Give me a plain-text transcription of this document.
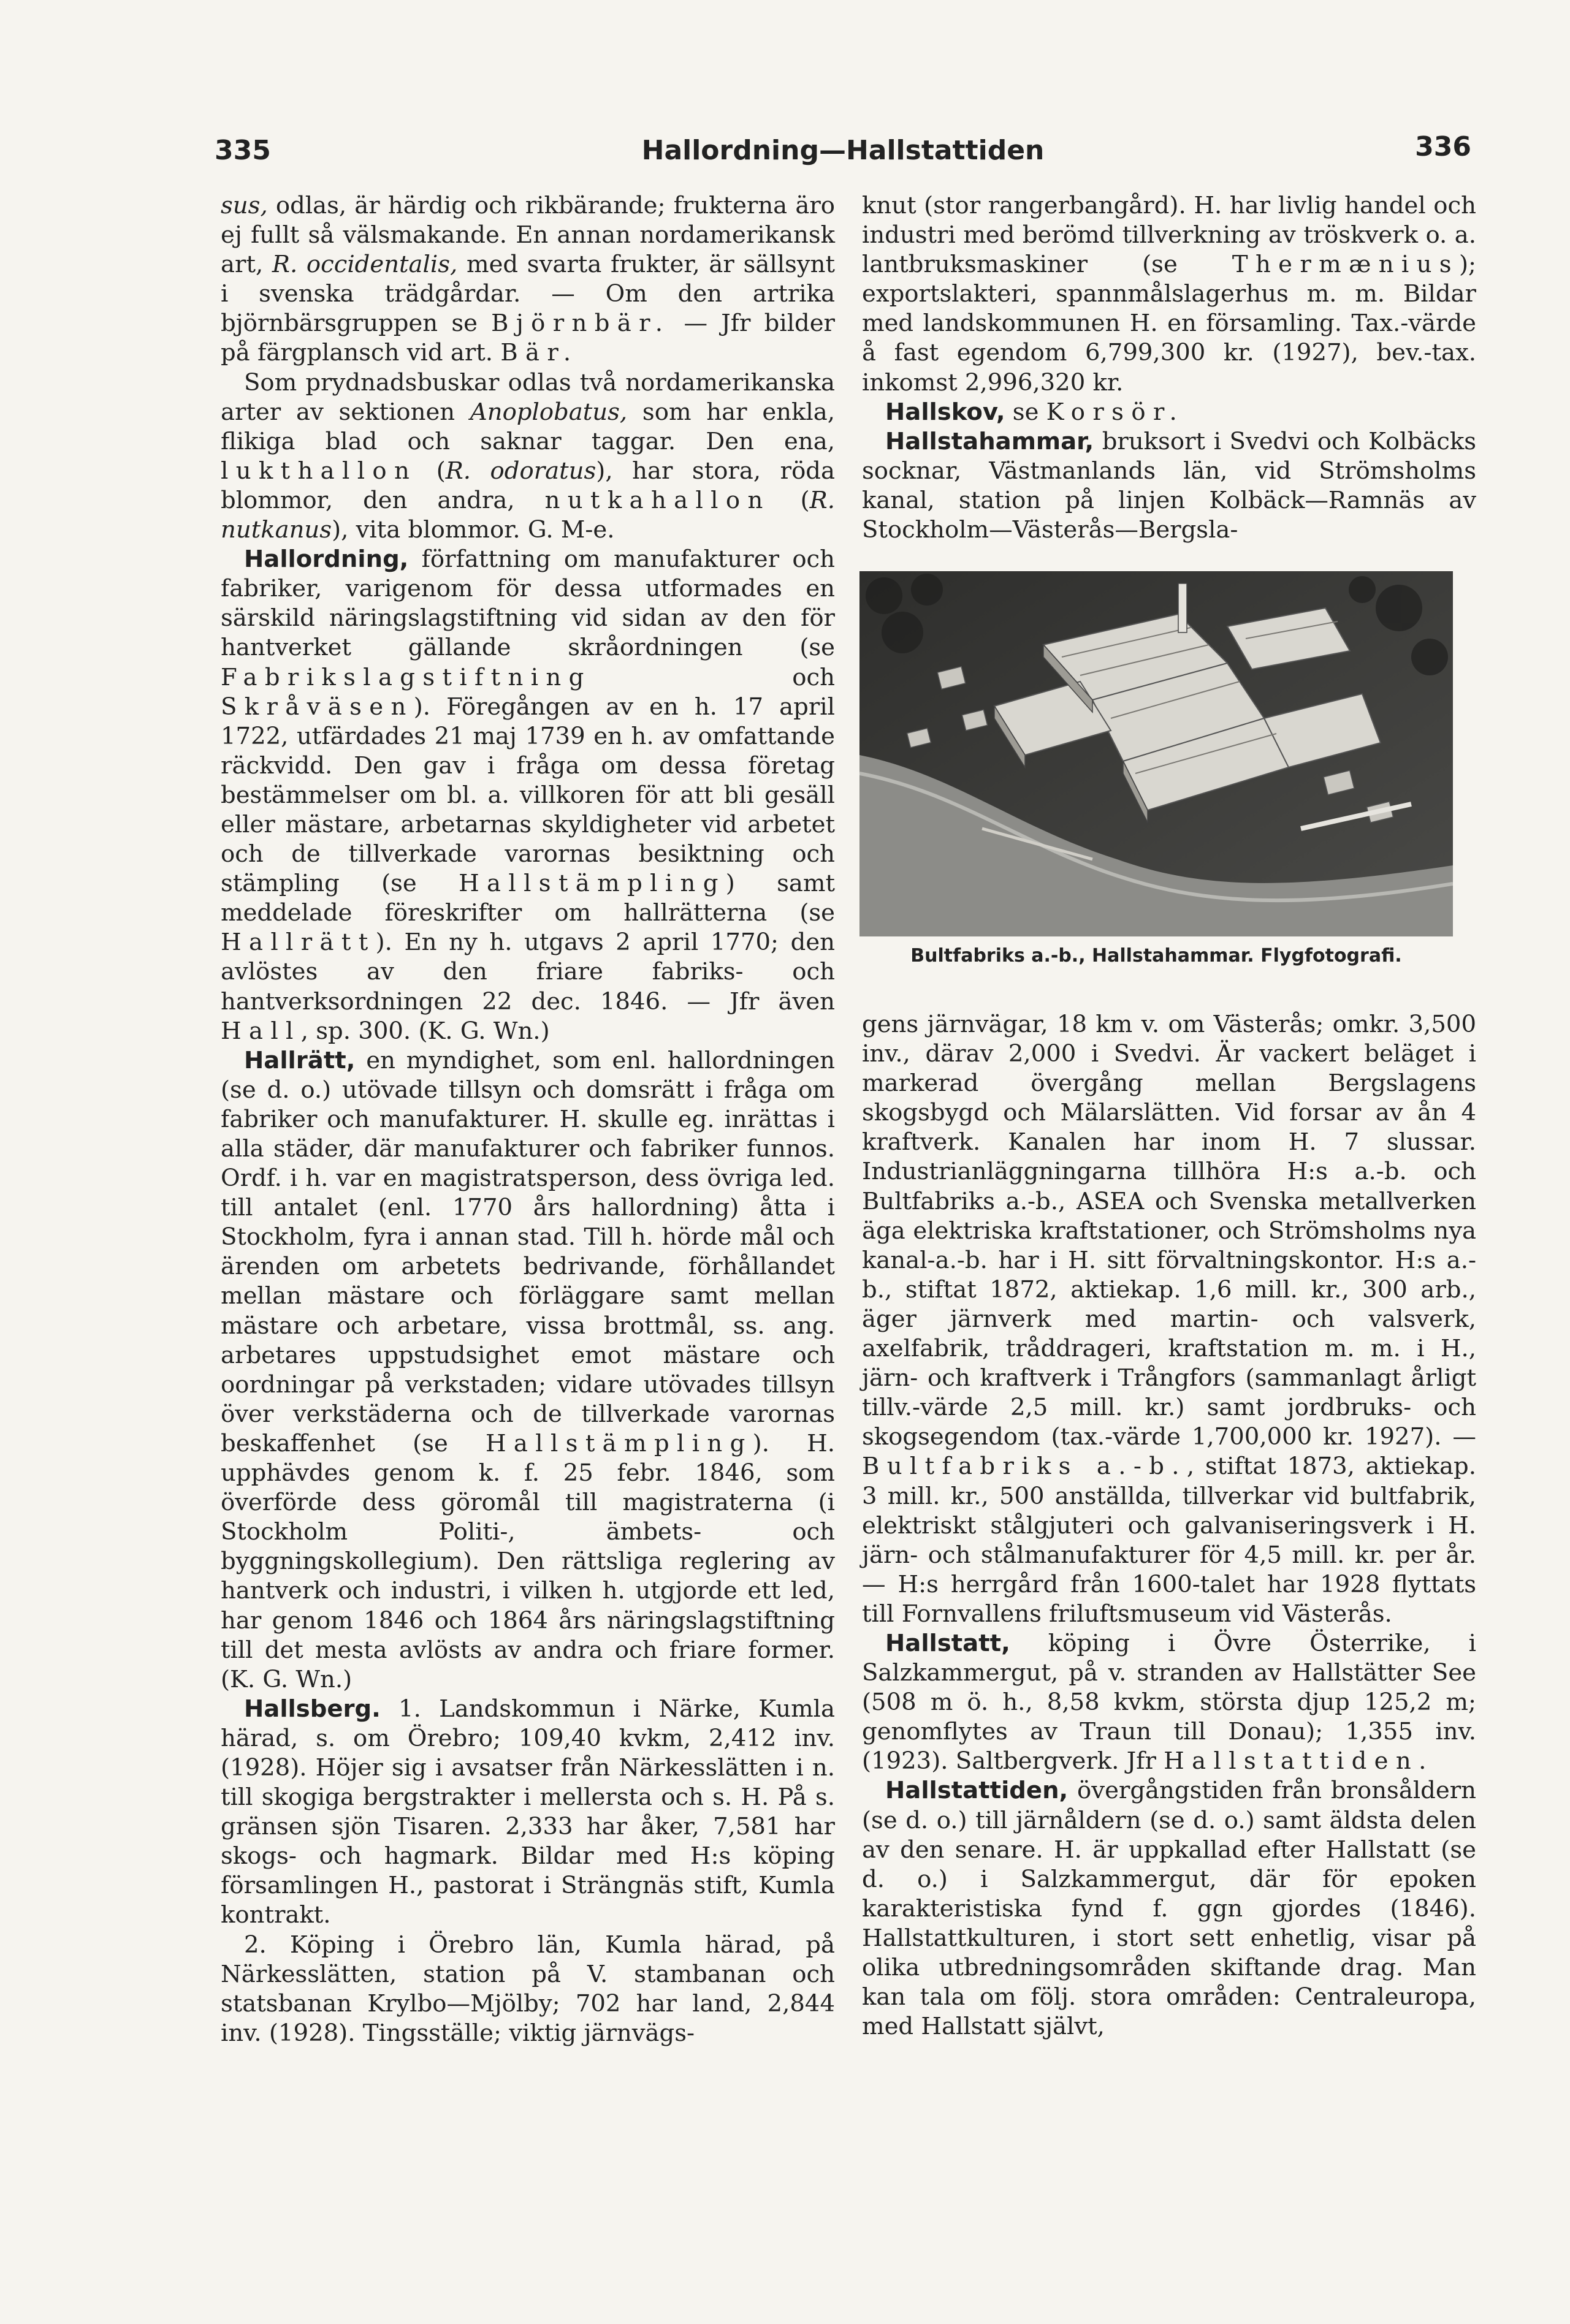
335	Hallordning—Hallstattiden	336

sus, odlas, är härdig och rikbärande; frukterna äro ej fullt så välsmakande. En annan nordamerikansk art, R. occidentalis, med svarta frukter, är sällsynt i svenska trädgårdar. — Om den artrika björnbärsgruppen se Björnbär. — Jfr bilder på färgplansch vid art. Bär.

Som prydnadsbuskar odlas två nordamerikanska arter av sektionen Anoplobatus, som har enkla, flikiga blad och saknar taggar. Den ena, lukthallon (R. odoratus), har stora, röda blommor, den andra, nutkahallon (R. nutkanus), vita blommor. G. M-e.

Hallordning, författning om manufakturer och fabriker, varigenom för dessa utformades en särskild näringslagstiftning vid sidan av den för hantverket gällande skråordningen (se Fabrikslagstiftning och Skråväsen). Föregången av en h. 17 april 1722, utfärdades 21 maj 1739 en h. av omfattande räckvidd. Den gav i fråga om dessa företag bestämmelser om bl. a. villkoren för att bli gesäll eller mästare, arbetarnas skyldigheter vid arbetet och de tillverkade varornas besiktning och stämpling (se Hallstämpling) samt meddelade föreskrifter om hallrätterna (se Hallrätt). En ny h. utgavs 2 april 1770; den avlöstes av den friare fabriks- och hantverksordningen 22 dec. 1846. — Jfr även Hall, sp. 300. (K. G. Wn.)

Hallrätt, en myndighet, som enl. hallordningen (se d. o.) utövade tillsyn och domsrätt i fråga om fabriker och manufakturer. H. skulle eg. inrättas i alla städer, där manufakturer och fabriker funnos. Ordf. i h. var en magistratsperson, dess övriga led. till antalet (enl. 1770 års hallordning) åtta i Stockholm, fyra i annan stad. Till h. hörde mål och ärenden om arbetets bedrivande, förhållandet mellan mästare och förläggare samt mellan mästare och arbetare, vissa brottmål, ss. ang. arbetares uppstudsighet emot mästare och oordningar på verkstaden; vidare utövades tillsyn över verkstäderna och de tillverkade varornas beskaffenhet (se Hallstämpling). H. upphävdes genom k. f. 25 febr. 1846, som överförde dess göromål till magistraterna (i Stockholm Politi-, ämbets- och byggningskollegium). Den rättsliga reglering av hantverk och industri, i vilken h. utgjorde ett led, har genom 1846 och 1864 års näringslagstiftning till det mesta avlösts av andra och friare former. (K. G. Wn.)

Hallsberg. 1. Landskommun i Närke, Kumla härad, s. om Örebro; 109,40 kvkm, 2,412 inv. (1928). Höjer sig i avsatser från Närkesslätten i n. till skogiga bergstrakter i mellersta och s. H. På s. gränsen sjön Tisaren. 2,333 har åker, 7,581 har skogs- och hagmark. Bildar med H:s köping församlingen H., pastorat i Strängnäs stift, Kumla kontrakt.

2. Köping i Örebro län, Kumla härad, på Närkesslätten, station på V. stambanan och statsbanan Krylbo—Mjölby; 702 har land, 2,844 inv. (1928). Tingsställe; viktig järnvägs-

knut (stor rangerbangård). H. har livlig handel och industri med berömd tillverkning av tröskverk o. a. lantbruksmaskiner (se Thermænius); exportslakteri, spannmålslagerhus m. m. Bildar med landskommunen H. en församling. Tax.-värde å fast egendom 6,799,300 kr. (1927), bev.-tax. inkomst 2,996,320 kr.

Hallskov, se Korsör.

Hallstahammar, bruksort i Svedvi och Kolbäcks socknar, Västmanlands län, vid Strömsholms kanal, station på linjen Kolbäck—Ramnäs av Stockholm—Västerås—Bergsla-

Bultfabriks a.-b., Hallstahammar. Flygfotografi.

gens järnvägar, 18 km v. om Västerås; omkr. 3,500 inv., därav 2,000 i Svedvi. Är vackert beläget i markerad övergång mellan Bergslagens skogsbygd och Mälarslätten. Vid forsar av ån 4 kraftverk. Kanalen har inom H. 7 slussar. Industrianläggningarna tillhöra H:s a.-b. och Bultfabriks a.-b., ASEA och Svenska metallverken äga elektriska kraftstationer, och Strömsholms nya kanal-a.-b. har i H. sitt förvaltningskontor. H:s a.-b., stiftat 1872, aktiekap. 1,6 mill. kr., 300 arb., äger järnverk med martin- och valsverk, axelfabrik, tråddrageri, kraftstation m. m. i H., järn- och kraftverk i Trångfors (sammanlagt årligt tillv.-värde 2,5 mill. kr.) samt jordbruks- och skogsegendom (tax.-värde 1,700,000 kr. 1927). — Bultfabriks a.-b., stiftat 1873, aktiekap. 3 mill. kr., 500 anställda, tillverkar vid bultfabrik, elektriskt stålgjuteri och galvaniseringsverk i H. järn- och stålmanufakturer för 4,5 mill. kr. per år. — H:s herrgård från 1600-talet har 1928 flyttats till Fornvallens friluftsmuseum vid Västerås.

Hallstatt, köping i Övre Österrike, i Salzkammergut, på v. stranden av Hallstätter See (508 m ö. h., 8,58 kvkm, största djup 125,2 m; genomflytes av Traun till Donau); 1,355 inv. (1923). Saltbergverk. Jfr Hallstattiden.

Hallstattiden, övergångstiden från bronsåldern (se d. o.) till järnåldern (se d. o.) samt äldsta delen av den senare. H. är uppkallad efter Hallstatt (se d. o.) i Salzkammergut, där för epoken karakteristiska fynd f. ggn gjordes (1846). Hallstattkulturen, i stort sett enhetlig, visar på olika utbredningsområden skiftande drag. Man kan tala om följ. stora områden: Centraleuropa, med Hallstatt självt,
